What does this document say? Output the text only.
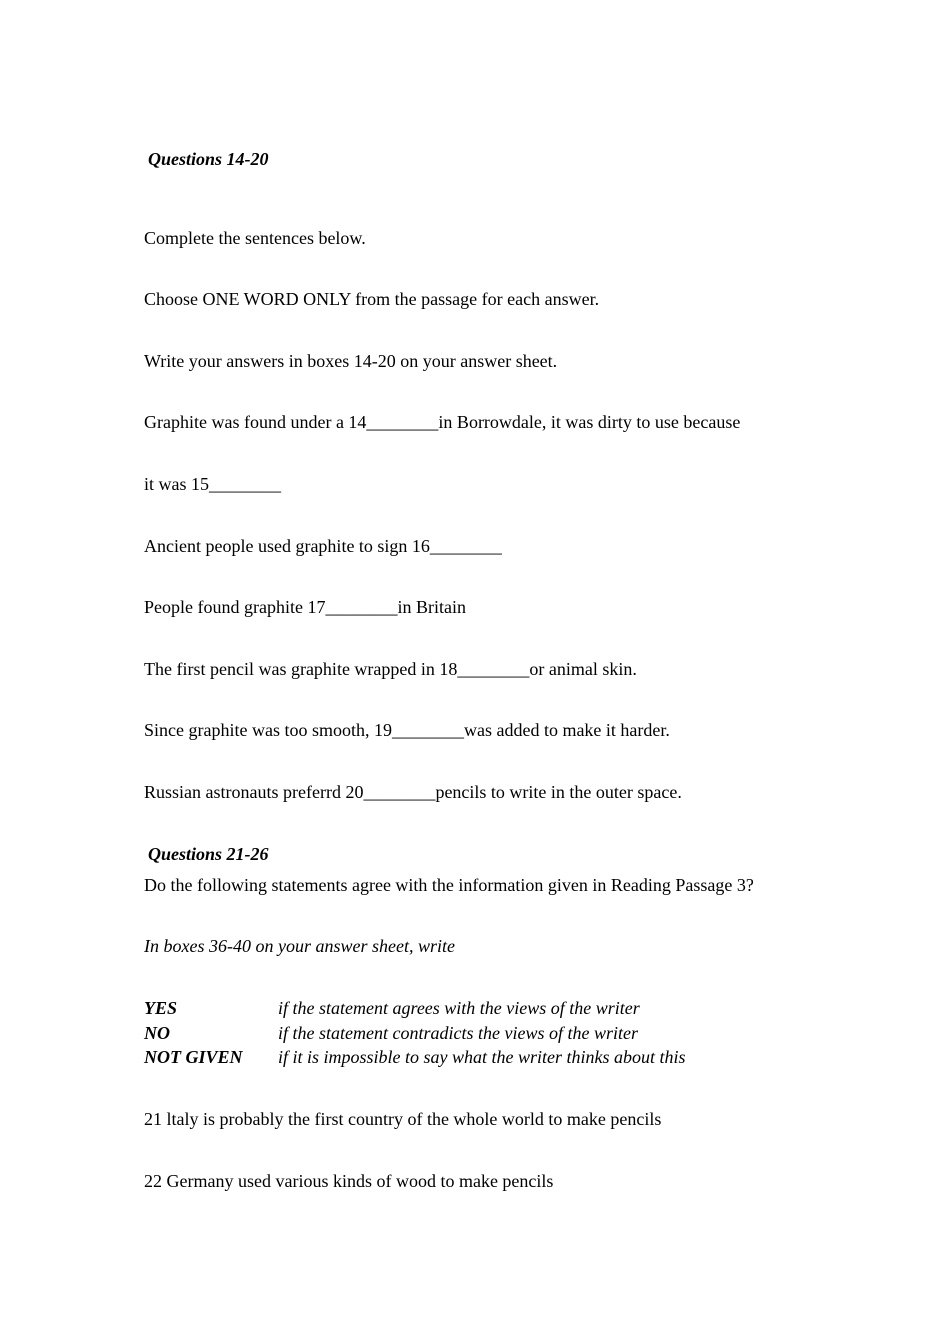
Questions 14-20
Complete the sentences below.
Choose ONE WORD ONLY from the passage for each answer.
Write your answers in boxes 14-20 on your answer sheet.
Graphite was found under a 14________in Borrowdale, it was dirty to use because
it was 15________
Ancient people used graphite to sign 16________
People found graphite 17________in Britain
The first pencil was graphite wrapped in 18________or animal skin.
Since graphite was too smooth, 19________was added to make it harder.
Russian astronauts preferrd 20________pencils to write in the outer space.
Questions 21-26
Do the following statements agree with the information given in Reading Passage 3?
In boxes 36-40 on your answer sheet, write
YES	if the statement agrees with the views of the writer
NO	if the statement contradicts the views of the writer
NOT GIVEN if it is impossible to say what the writer thinks about this
21 ltaly is probably the first country of the whole world to make pencils
22 Germany used various kinds of wood to make pencils
